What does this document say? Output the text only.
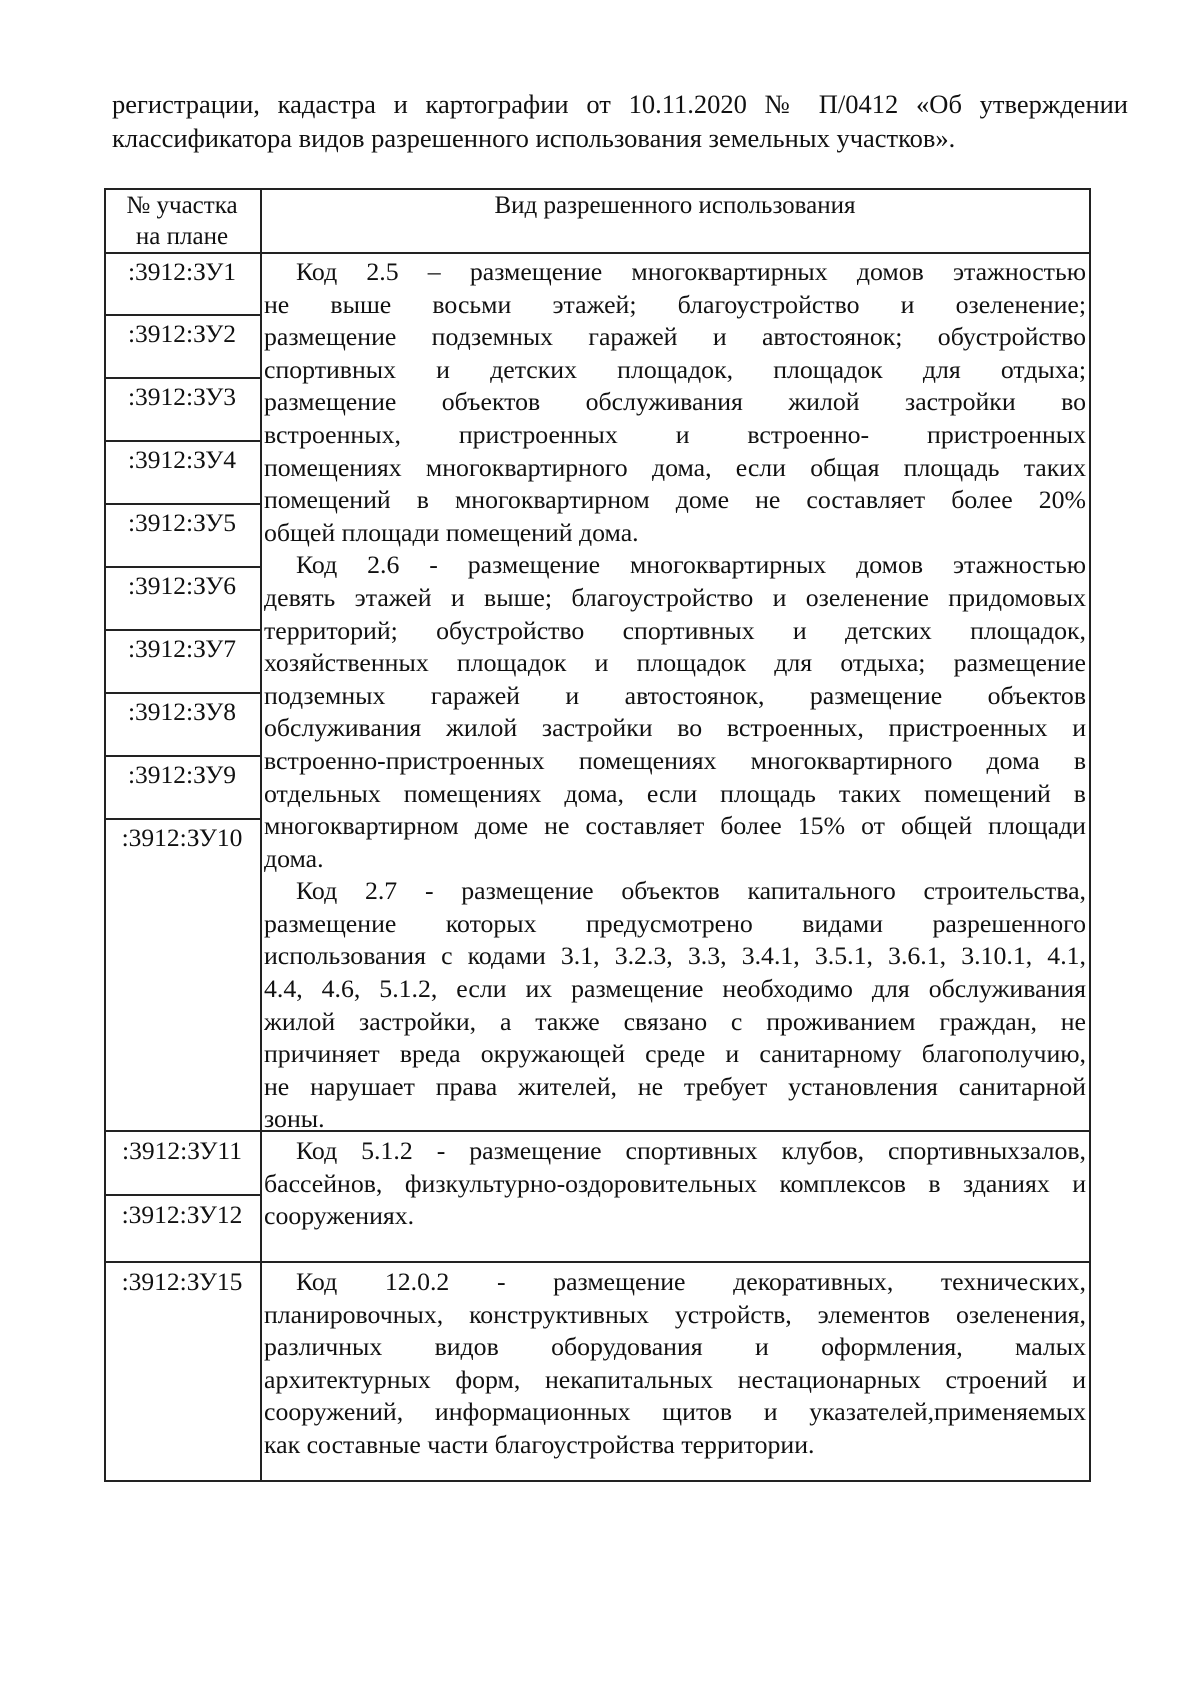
регистрации, кадастра и картографии от 10.11.2020 № П/0412 «Об утверждении
классификатора видов разрешенного использования земельных участков».
№ участка
на плане
Вид разрешенного использования
:3912:ЗУ1
:3912:ЗУ2
:3912:ЗУ3
:3912:ЗУ4
:3912:ЗУ5
:3912:ЗУ6
:3912:ЗУ7
:3912:ЗУ8
:3912:ЗУ9
:3912:ЗУ10
:3912:ЗУ11
:3912:ЗУ12
:3912:ЗУ15
Код 2.5 – размещение многоквартирных домов этажностью
не выше восьми этажей; благоустройство и озеленение;
размещение подземных гаражей и автостоянок; обустройство
спортивных и детских площадок, площадок для отдыха;
размещение объектов обслуживания жилой застройки во
встроенных, пристроенных и встроенно- пристроенных
помещениях многоквартирного дома, если общая площадь таких
помещений в многоквартирном доме не составляет более 20%
общей площади помещений дома.
Код 2.6 - размещение многоквартирных домов этажностью
девять этажей и выше; благоустройство и озеленение придомовых
территорий; обустройство спортивных и детских площадок,
хозяйственных площадок и площадок для отдыха; размещение
подземных гаражей и автостоянок, размещение объектов
обслуживания жилой застройки во встроенных, пристроенных и
встроенно-пристроенных помещениях многоквартирного дома в
отдельных помещениях дома, если площадь таких помещений в
многоквартирном доме не составляет более 15% от общей площади
дома.
Код 2.7 - размещение объектов капитального строительства,
размещение которых предусмотрено видами разрешенного
использования с кодами 3.1, 3.2.3, 3.3, 3.4.1, 3.5.1, 3.6.1, 3.10.1, 4.1,
4.4, 4.6, 5.1.2, если их размещение необходимо для обслуживания
жилой застройки, а также связано с проживанием граждан, не
причиняет вреда окружающей среде и санитарному благополучию,
не нарушает права жителей, не требует установления санитарной
зоны.
Код 5.1.2 - размещение спортивных клубов, спортивныхзалов,
бассейнов, физкультурно-оздоровительных комплексов в зданиях и
сооружениях.
Код 12.0.2 - размещение декоративных, технических,
планировочных, конструктивных устройств, элементов озеленения,
различных видов оборудования и оформления, малых
архитектурных форм, некапитальных нестационарных строений и
сооружений, информационных щитов и указателей,применяемых
как составные части благоустройства территории.
